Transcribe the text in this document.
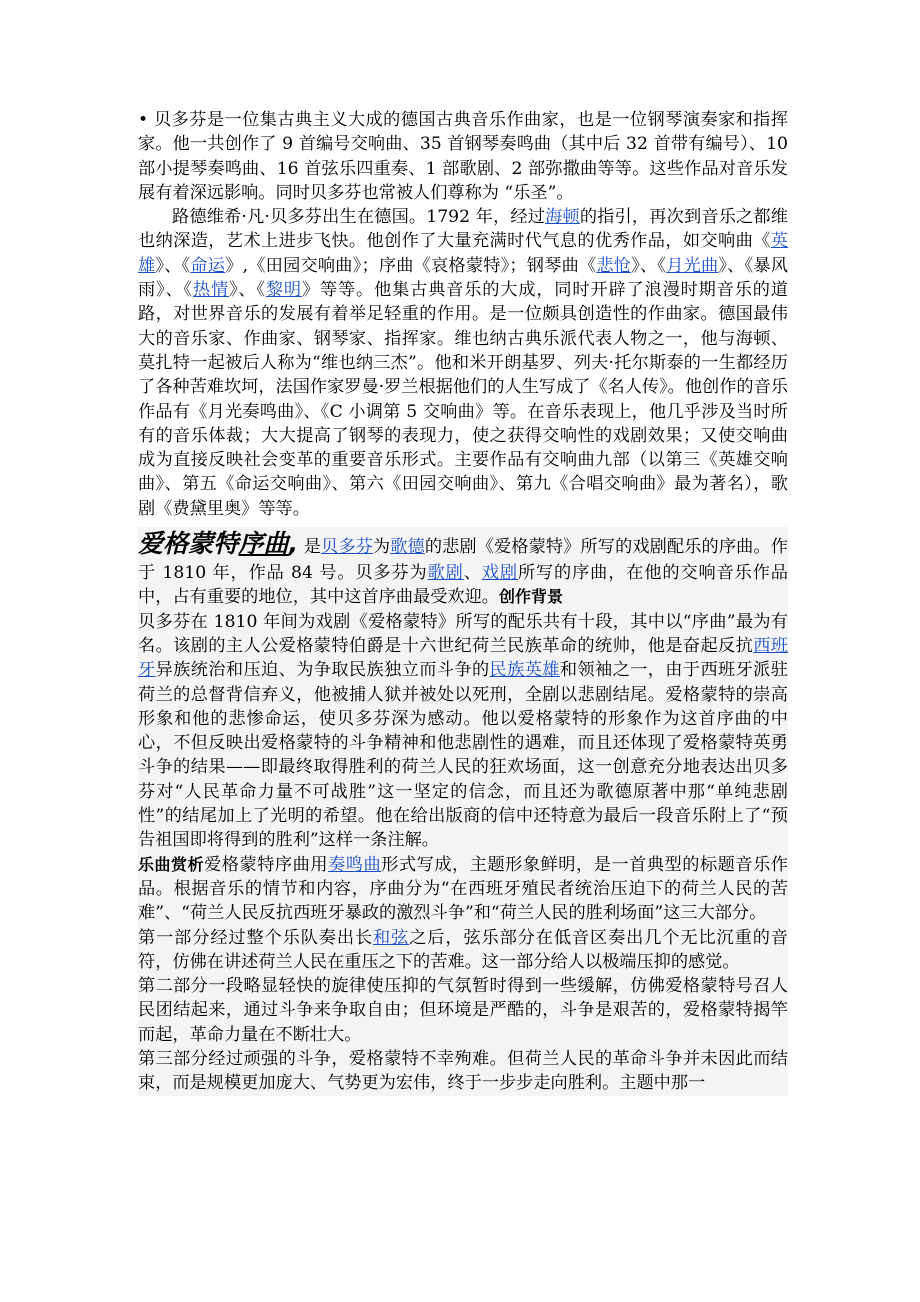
• 贝多芬是一位集古典主义大成的德国古典音乐作曲家，也是一位钢琴演奏家和指挥家。他一共创作了 9 首编号交响曲、35 首钢琴奏鸣曲（其中后 32 首带有编号）、10 部小提琴奏鸣曲、16 首弦乐四重奏、1 部歌剧、2 部弥撒曲等等。这些作品对音乐发展有着深远影响。同时贝多芬也常被人们尊称为 “乐圣”。

路德维希·凡·贝多芬出生在德国。1792 年，经过海顿的指引，再次到音乐之都维也纳深造，艺术上进步飞快。他创作了大量充满时代气息的优秀作品，如交响曲《英雄》、《命运》,《田园交响曲》；序曲《哀格蒙特》；钢琴曲《悲怆》、《月光曲》、《暴风雨》、《热情》、《黎明》等等。他集古典音乐的大成，同时开辟了浪漫时期音乐的道路，对世界音乐的发展有着举足轻重的作用。是一位颇具创造性的作曲家。德国最伟大的音乐家、作曲家、钢琴家、指挥家。维也纳古典乐派代表人物之一，他与海顿、莫扎特一起被后人称为“维也纳三杰”。他和米开朗基罗、列夫·托尔斯泰的一生都经历了各种苦难坎坷，法国作家罗曼·罗兰根据他们的人生写成了《名人传》。他创作的音乐作品有《月光奏鸣曲》、《C 小调第 5 交响曲》等。在音乐表现上，他几乎涉及当时所有的音乐体裁；大大提高了钢琴的表现力，使之获得交响性的戏剧效果；又使交响曲成为直接反映社会变革的重要音乐形式。主要作品有交响曲九部（以第三《英雄交响曲》、第五《命运交响曲》、第六《田园交响曲》、第九《合唱交响曲》最为著名），歌剧《费黛里奥》等等。

爱格蒙特序曲, 是贝多芬为歌德的悲剧《爱格蒙特》所写的戏剧配乐的序曲。作于 1810 年，作品 84 号。贝多芬为歌剧、戏剧所写的序曲，在他的交响音乐作品中，占有重要的地位，其中这首序曲最受欢迎。创作背景

贝多芬在 1810 年间为戏剧《爱格蒙特》所写的配乐共有十段，其中以“序曲”最为有名。该剧的主人公爱格蒙特伯爵是十六世纪荷兰民族革命的统帅，他是奋起反抗西班牙异族统治和压迫、为争取民族独立而斗争的民族英雄和领袖之一，由于西班牙派驻荷兰的总督背信弃义，他被捕人狱并被处以死刑，全剧以悲剧结尾。爱格蒙特的崇高形象和他的悲惨命运，使贝多芬深为感动。他以爱格蒙特的形象作为这首序曲的中心，不但反映出爱格蒙特的斗争精神和他悲剧性的遇难，而且还体现了爱格蒙特英勇斗争的结果——即最终取得胜利的荷兰人民的狂欢场面，这一创意充分地表达出贝多芬对“人民革命力量不可战胜”这一坚定的信念，而且还为歌德原著中那“单纯悲剧性”的结尾加上了光明的希望。他在给出版商的信中还特意为最后一段音乐附上了“预告祖国即将得到的胜利”这样一条注解。

乐曲赏析爱格蒙特序曲用奏鸣曲形式写成，主题形象鲜明，是一首典型的标题音乐作品。根据音乐的情节和内容，序曲分为“在西班牙殖民者统治压迫下的荷兰人民的苦难”、“荷兰人民反抗西班牙暴政的激烈斗争”和“荷兰人民的胜利场面”这三大部分。

第一部分经过整个乐队奏出长和弦之后，弦乐部分在低音区奏出几个无比沉重的音符，仿佛在讲述荷兰人民在重压之下的苦难。这一部分给人以极端压抑的感觉。

第二部分一段略显轻快的旋律使压抑的气氛暂时得到一些缓解，仿佛爱格蒙特号召人民团结起来，通过斗争来争取自由；但环境是严酷的，斗争是艰苦的，爱格蒙特揭竿而起，革命力量在不断壮大。

第三部分经过顽强的斗争，爱格蒙特不幸殉难。但荷兰人民的革命斗争并未因此而结束，而是规模更加庞大、气势更为宏伟，终于一步步走向胜利。主题中那一
